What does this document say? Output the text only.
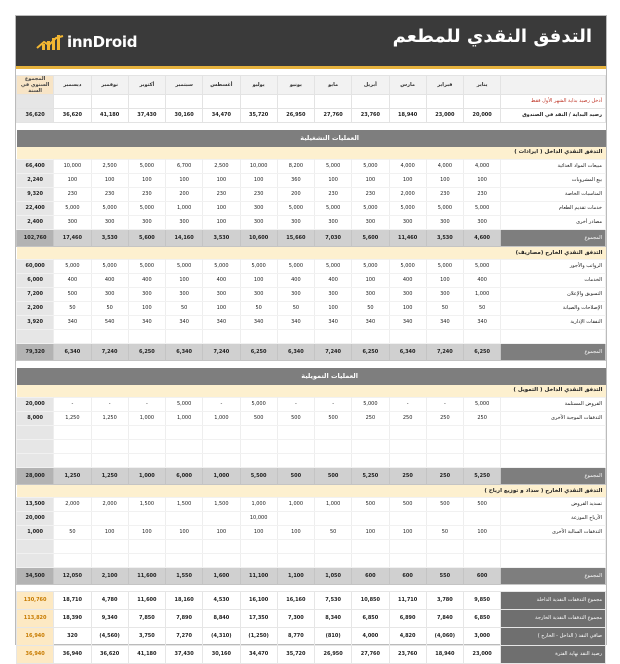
innDroid	التدفق النقدي للمطعم
المجموع السنوي في السنة	ديسمبر	نوفمبر	أكتوبر	سبتمبر	أغسطس	يوليو	يونيو	مايو	أبريل	مارس	فبراير	يناير	
													أدخل رصيد بداية الشهر الأول فقط
36,620	36,620	41,180	37,430	30,160	34,470	35,720	26,950	27,760	23,760	18,940	23,000	20,000	رصيد البداية / النقد في الصندوق

	العمليات التشغيلية												
	التدفق النقدي الداخل ( ايرادات )												
66,400	10,000	2,500	5,000	6,700	2,500	10,000	8,200	5,000	5,000	4,000	4,000	4,000	مبيعات المواد الغذائية
2,240	100	100	100	100	100	100	360	100	100	100	100	100	بيع المشروبات
9,320	230	230	230	200	230	230	200	230	230	2,000	230	230	المناسبات الخاصة
22,400	5,000	5,000	5,000	1,000	100	300	5,000	5,000	5,000	5,000	5,000	5,000	خدمات تقديم الطعام
2,400	300	300	300	300	100	300	300	300	300	300	300	300	مصادر أخرى
102,760	17,460	3,530	5,600	14,160	3,530	10,600	15,660	7,030	5,600	11,460	3,530	4,600	المجموع
	التدفق النقدي الخارج (مصاريف)												
60,000	5,000	5,000	5,000	5,000	5,000	5,000	5,000	5,000	5,000	5,000	5,000	5,000	الرواتب والأجور
6,000	400	400	400	100	400	100	400	400	100	400	100	400	الخدمات
7,200	500	300	300	300	300	300	300	300	300	300	300	1,000	التسويق والإعلان
2,200	50	50	100	50	100	50	50	100	50	100	50	50	الإصلاحات والصيانة
3,920	340	540	340	340	340	340	340	340	340	340	340	340	النفقات الإدارية

79,320	6,340	7,240	6,250	6,340	7,240	6,250	6,340	7,240	6,250	6,340	7,240	6,250	المجموع

	العمليات التمويلية												
	التدفق النقدي الداخل ( التمويل )												
20,000	-	-	-	5,000	-	5,000	-	-	5,000	-	-	5,000	القروض المستلمة
8,000	1,250	1,250	1,000	1,000	1,000	500	500	500	250	250	250	250	التدفقات الموجبة الأخرى

28,000	1,250	1,250	1,000	6,000	1,000	5,500	500	500	5,250	250	250	5,250	المجموع
	التدفق النقدي الخارج ( سداد و توزيع ارباح )												
13,500	2,000	2,000	1,500	1,500	1,500	1,000	1,000	1,000	500	500	500	500	تسديد القروض
20,000						10,000							الأرباح الموزعة
1,000	50	100	100	100	100	100	100	50	100	100	50	100	التدفقات السالبة الأخرى

34,500	12,050	2,100	11,600	1,550	1,600	11,100	1,100	1,050	600	600	550	600	المجموع

130,760	18,710	4,780	11,600	18,160	4,530	16,100	16,160	7,530	10,850	11,710	3,780	9,850	مجموع التدفقات النقدية الداخلة
113,820	18,390	9,340	7,850	7,890	8,840	17,350	7,300	8,340	6,850	6,890	7,840	6,850	مجموع التدفقات النقدية الخارجة
16,940	320	(4,560)	3,750	7,270	(4,310)	(1,250)	8,770	(810)	4,000	4,820	(4,060)	3,000	صافي النقد ( الداخل - الخارج )
36,940	36,940	36,620	41,180	37,430	30,160	34,470	35,720	26,950	27,760	23,760	18,940	23,000	رصيد النقد نهاية الفترة
